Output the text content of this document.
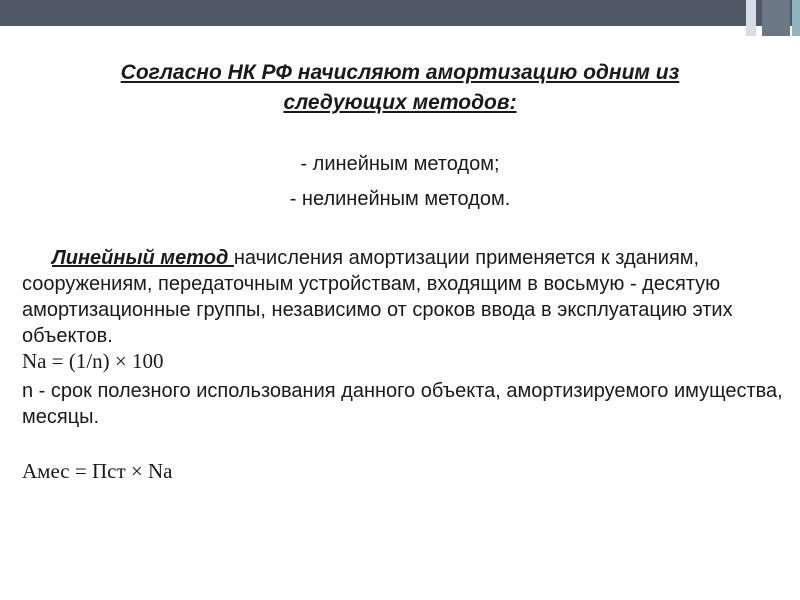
Согласно НК РФ начисляют амортизацию одним из
следующих методов:
- линейным методом;
- нелинейным методом.
Линейный метод начисления амортизации применяется к зданиям, сооружениям, передаточным устройствам, входящим в восьмую - десятую амортизационные группы, независимо от сроков ввода в эксплуатацию этих объектов.
Na = (1/n) × 100
n - срок полезного использования данного объекта, амортизируемого имущества, месяцы.
Амес = Пст × Na
